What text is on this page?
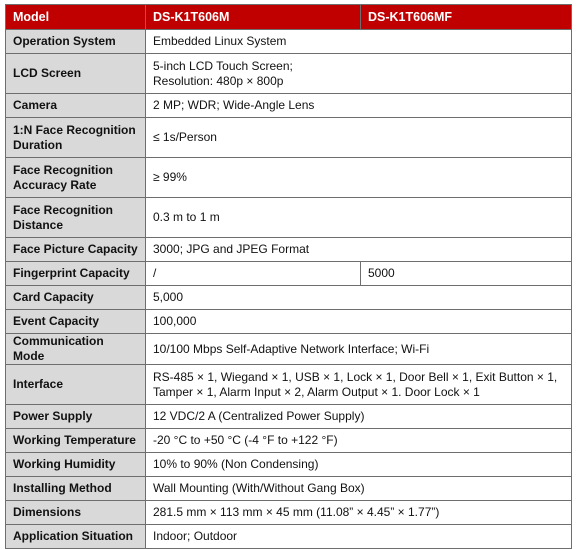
Model	DS-K1T606M	DS-K1T606MF
Operation System	Embedded Linux System	
LCD Screen	5-inch LCD Touch Screen;
Resolution: 480p × 800p	
Camera	2 MP; WDR; Wide-Angle Lens	
1:N Face Recognition
Duration	≤ 1s/Person	
Face Recognition
Accuracy Rate	≥ 99%	
Face Recognition
Distance	0.3 m to 1 m	
Face Picture Capacity	3000; JPG and JPEG Format	
Fingerprint Capacity	/	5000
Card Capacity	5,000	
Event Capacity	100,000	
Communication Mode	10/100 Mbps Self-Adaptive Network Interface; Wi-Fi	
Interface	RS-485 × 1, Wiegand × 1, USB × 1, Lock × 1, Door Bell × 1, Exit Button × 1,
Tamper × 1, Alarm Input × 2, Alarm Output × 1. Door Lock × 1	
Power Supply	12 VDC/2 A (Centralized Power Supply)	
Working Temperature	-20 °C to +50 °C (-4 °F to +122 °F)	
Working Humidity	10% to 90% (Non Condensing)	
Installing Method	Wall Mounting (With/Without Gang Box)	
Dimensions	281.5 mm × 113 mm × 45 mm (11.08” × 4.45” × 1.77”)	
Application Situation	Indoor; Outdoor	
